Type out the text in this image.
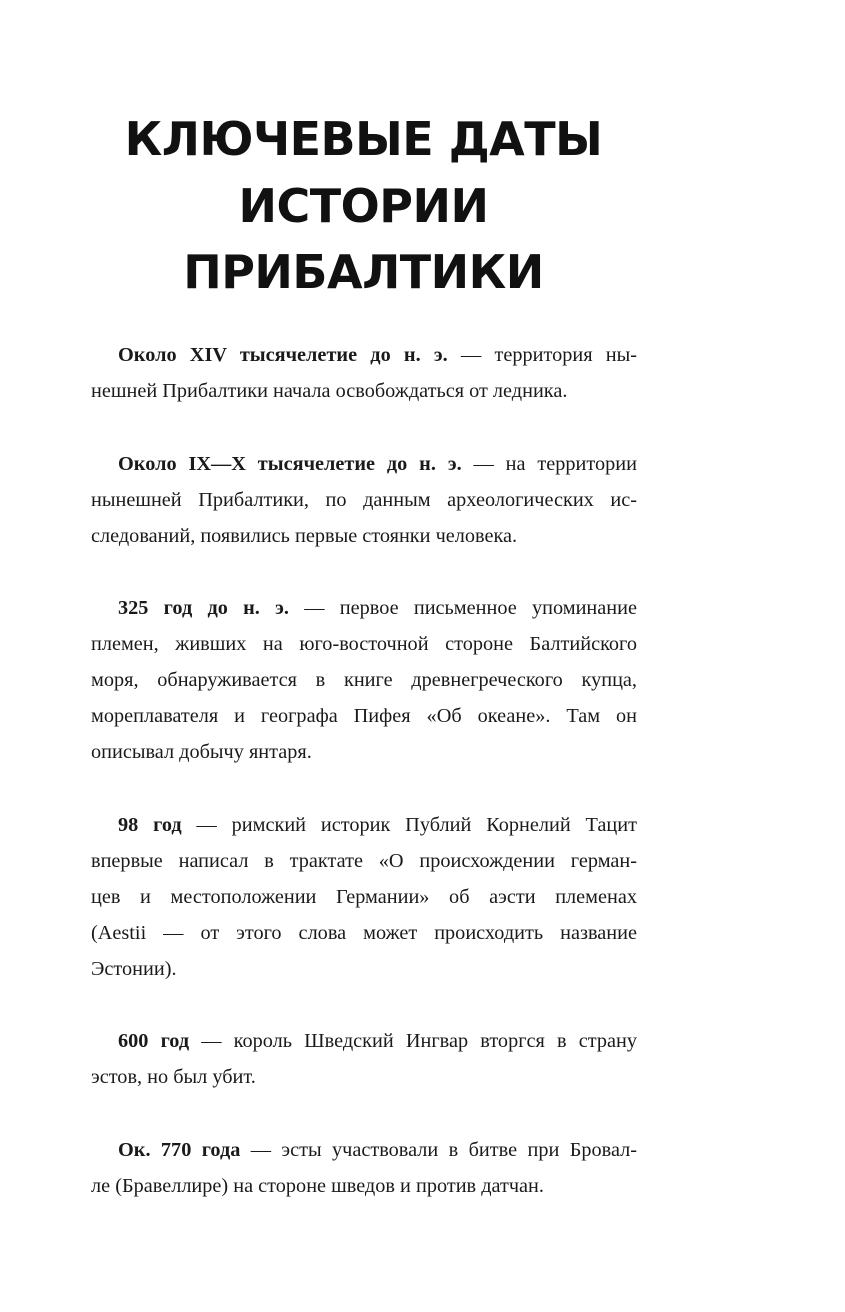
КЛЮЧЕВЫЕ ДАТЫ
ИСТОРИИ
ПРИБАЛТИКИ
Около XIV тысячелетие до н. э. — территория ны-
нешней Прибалтики начала освобождаться от ледника.
Около IX—X тысячелетие до н. э. — на территории
нынешней Прибалтики, по данным археологических ис-
следований, появились первые стоянки человека.
325 год до н. э. — первое письменное упоминание
племен, живших на юго-восточной стороне Балтийского
моря, обнаруживается в книге древнегреческого купца,
мореплавателя и географа Пифея «Об океане». Там он
описывал добычу янтаря.
98 год — римский историк Публий Корнелий Тацит
впервые написал в трактате «О происхождении герман-
цев и местоположении Германии» об аэсти племенах
(Aestii — от этого слова может происходить название
Эстонии).
600 год — король Шведский Ингвар вторгся в страну
эстов, но был убит.
Ок. 770 года — эсты участвовали в битве при Бровал-
ле (Бравеллире) на стороне шведов и против датчан.
